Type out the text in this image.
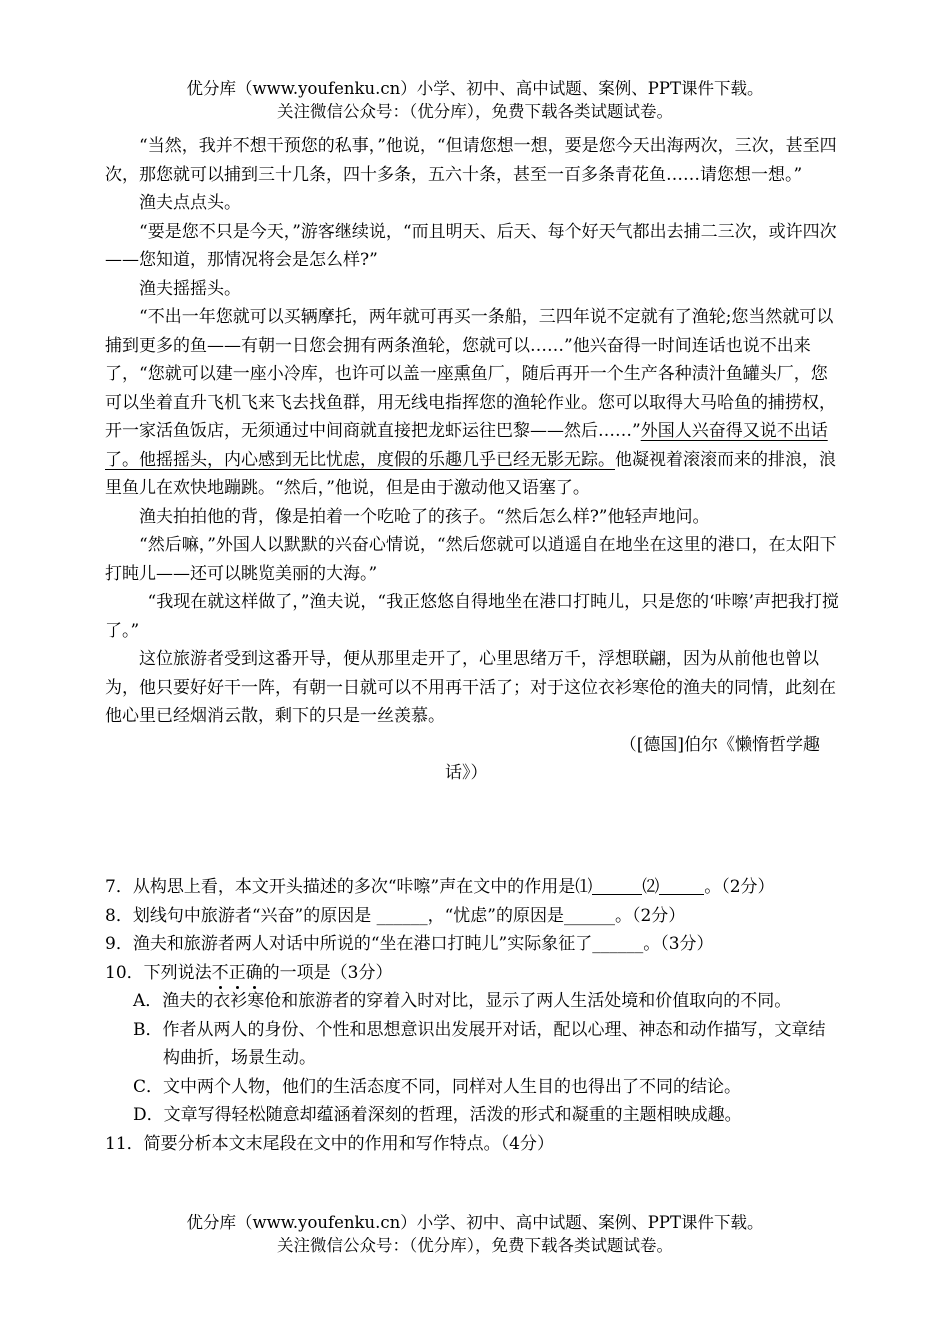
优分库（www.youfenku.cn）小学、初中、高中试题、案例、PPT课件下载。
关注微信公众号：（优分库），免费下载各类试题试卷。

“当然，我并不想干预您的私事，”他说，“但请您想一想，要是您今天出海两次，三次，甚至四次，那您就可以捕到三十几条，四十多条，五六十条，甚至一百多条青花鱼……请您想一想。”

渔夫点点头。

“要是您不只是今天，”游客继续说，“而且明天、后天、每个好天气都出去捕二三次，或许四次——您知道，那情况将会是怎么样?”

渔夫摇摇头。

“不出一年您就可以买辆摩托，两年就可再买一条船，三四年说不定就有了渔轮;您当然就可以捕到更多的鱼——有朝一日您会拥有两条渔轮，您就可以……”他兴奋得一时间连话也说不出来了，“您就可以建一座小冷库，也许可以盖一座熏鱼厂，随后再开一个生产各种渍汁鱼罐头厂，您可以坐着直升飞机飞来飞去找鱼群，用无线电指挥您的渔轮作业。您可以取得大马哈鱼的捕捞权，开一家活鱼饭店，无须通过中间商就直接把龙虾运往巴黎——然后……”外国人兴奋得又说不出话了。他摇摇头，内心感到无比忧虑，度假的乐趣几乎已经无影无踪。他凝视着滚滚而来的排浪，浪里鱼儿在欢快地蹦跳。“然后，”他说，但是由于激动他又语塞了。

渔夫拍拍他的背，像是拍着一个吃呛了的孩子。“然后怎么样?”他轻声地问。

“然后嘛，”外国人以默默的兴奋心情说，“然后您就可以逍遥自在地坐在这里的港口，在太阳下打盹儿——还可以眺览美丽的大海。”

“我现在就这样做了，”渔夫说，“我正悠悠自得地坐在港口打盹儿，只是您的‘咔嚓’声把我打搅了。”

这位旅游者受到这番开导，便从那里走开了，心里思绪万千，浮想联翩，因为从前他也曾以为，他只要好好干一阵，有朝一日就可以不用再干活了；对于这位衣衫寒伧的渔夫的同情，此刻在他心里已经烟消云散，剩下的只是一丝羡慕。

（[德国]伯尔《懒惰哲学趣
话》）

7．从构思上看，本文开头描述的多次“咔嚓”声在文中的作用是⑴	⑵	。（2分）

8．划线句中旅游者“兴奋”的原因是 ______，“忧虑”的原因是______。（2分）

9．渔夫和旅游者两人对话中所说的“坐在港口打盹儿”实际象征了______。（3分）

10．下列说法不正确的一项是（3分）

A．渔夫的衣衫寒伧和旅游者的穿着入时对比，显示了两人生活处境和价值取向的不同。

B．作者从两人的身份、个性和思想意识出发展开对话，配以心理、神态和动作描写，文章结构曲折，场景生动。

C．文中两个人物，他们的生活态度不同，同样对人生目的也得出了不同的结论。

D．文章写得轻松随意却蕴涵着深刻的哲理，活泼的形式和凝重的主题相映成趣。

11．简要分析本文末尾段在文中的作用和写作特点。（4分）

优分库（www.youfenku.cn）小学、初中、高中试题、案例、PPT课件下载。
关注微信公众号：（优分库），免费下载各类试题试卷。
